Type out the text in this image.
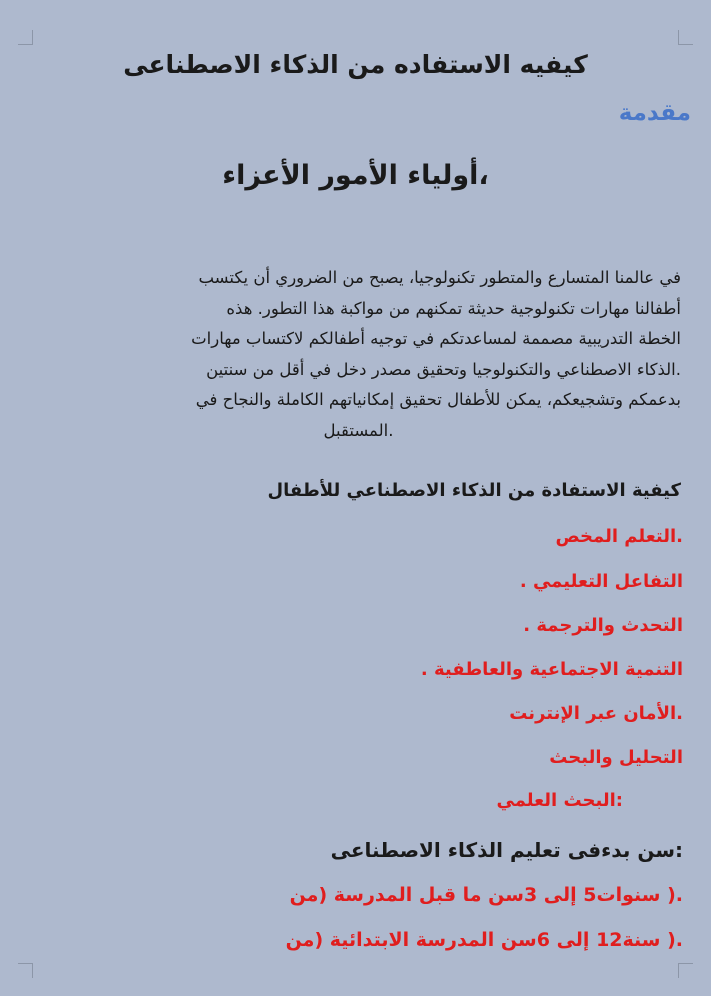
كيفيه الاستفاده من الذكاء الاصطناعى
مقدمة
،أولياء الأمور الأعزاء

في عالمنا المتسارع والمتطور تكنولوجيا، يصبح من الضروري أن يكتسب

أطفالنا مهارات تكنولوجية حديثة تمكنهم من مواكبة هذا التطور. هذه

الخطة التدريبية مصممة لمساعدتكم في توجيه أطفالكم لاكتساب مهارات

.الذكاء الاصطناعي والتكنولوجيا وتحقيق مصدر دخل في أقل من سنتين

بدعمكم وتشجيعكم، يمكن للأطفال تحقيق إمكانياتهم الكاملة والنجاح في

.المستقبل

كيفية الاستفادة من الذكاء الاصطناعي للأطفال
.التعلم المخص
التفاعل التعليمي .
التحدث والترجمة .
التنمية الاجتماعية والعاطفية .
.الأمان عبر الإنترنت
التحليل والبحث
:البحث العلمي
:سن بدءفى تعليم الذكاء الاصطناعى
.( سنوات5 إلى 3سن ما قبل المدرسة (من
.( سنة12 إلى 6سن المدرسة الابتدائية (من
